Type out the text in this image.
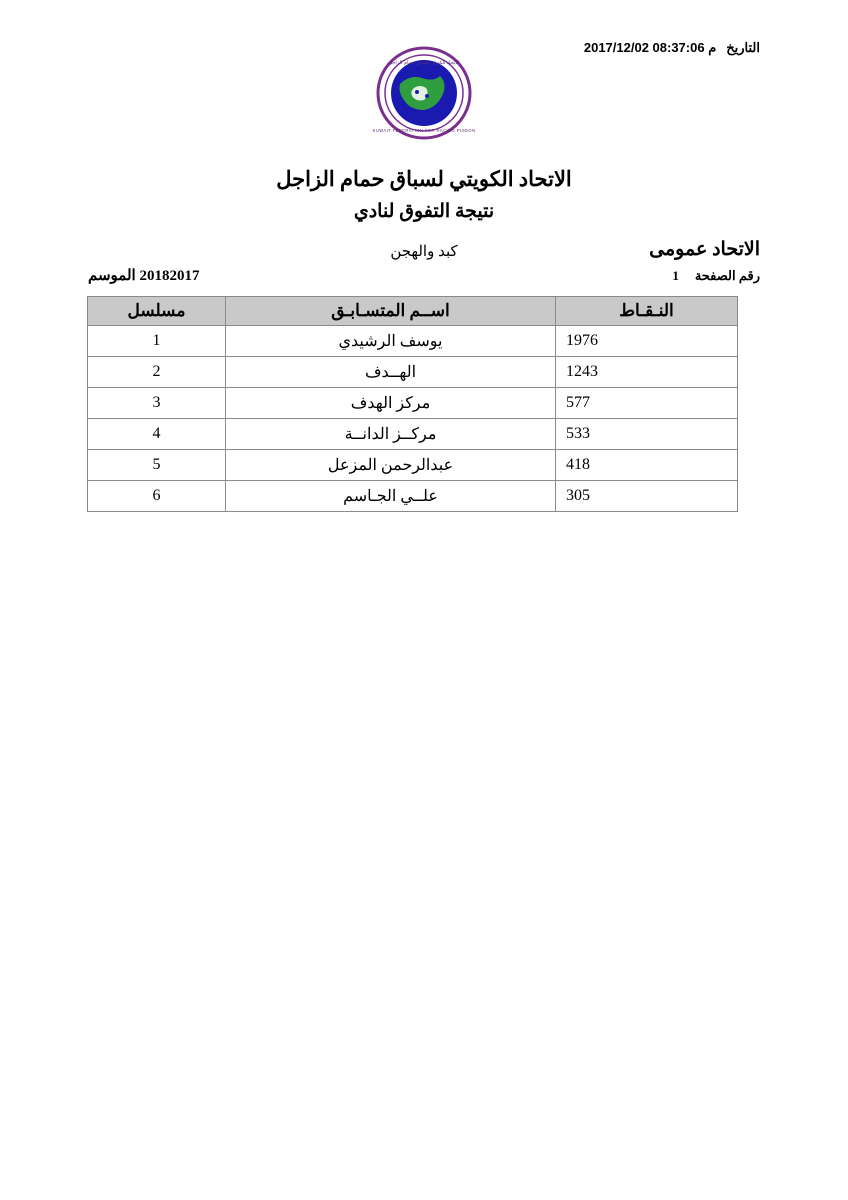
التاريخ
2017/12/02 08:37:06 م
الاتحاد الكويتي لسباق حمام الزاجل
KUWAIT FEDERATION FOR RACING PIGEON
الاتحاد الكويتي لسباق حمام الزاجل
نتيجة التفوق لنادي
الاتحاد عمومى
كبد والهجن
20182017 الموسم	رقم الصفحة
1
النـقـاط	اســم المتسـابـق	مسلسل
1976	يوسف الرشيدي	1
1243	الهــدف	2
577	مركز الهدف	3
533	مركــز الدانــة	4
418	عبدالرحمن المزعل	5
305	علــي الجـاسم	6
